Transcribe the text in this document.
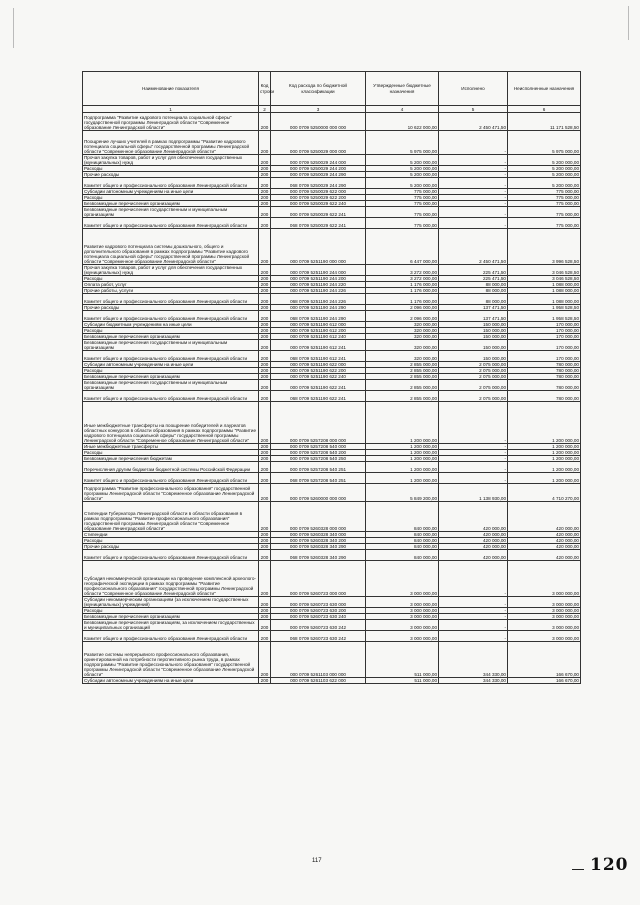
Наименование показателя	Код строки	Код расхода по бюджетной классификации	Утвержденные бюджетные назначения	Исполнено	Неисполненные назначения
1	2	3	4	5	6
Подпрограмма "Развитие кадрового потенциала социальной сферы" государственной программы Ленинградской области "Современное образование Ленинградской области"	200	000 0709 5250000 000 000	10 622 000,00	2 450 471,50	11 171 528,50
Поощрение лучших учителей в рамках подпрограммы "Развитие кадрового потенциала социальной сферы" государственной программы Ленинградской области "Современное образование Ленинградской области"	200	000 0709 5250029 000 000	5 975 000,00	-	5 975 000,00
Прочая закупка товаров, работ и услуг для обеспечения государственных (муниципальных) нужд	200	000 0709 5250029 244 000	5 200 000,00	-	5 200 000,00
Расходы	200	000 0709 5250029 244 200	5 200 000,00	-	5 200 000,00
Прочие расходы	200	000 0709 5250029 244 290	5 200 000,00	-	5 200 000,00
Комитет общего и профессионального образования Ленинградской области	200	068 0709 5250029 244 290	5 200 000,00	-	5 200 000,00
Субсидии автономным учреждениям на иные цели	200	000 0709 5250029 622 000	775 000,00	-	775 000,00
Расходы	200	000 0709 5250029 622 200	775 000,00	-	775 000,00
Безвозмездные перечисления организациям	200	000 0709 5250029 622 240	775 000,00	-	775 000,00
Безвозмездные перечисления государственным и муниципальным организациям	200	000 0709 5250029 622 241	775 000,00	-	775 000,00
Комитет общего и профессионального образования Ленинградской области	200	068 0709 5250029 622 241	775 000,00	-	775 000,00
Развитие кадрового потенциала системы дошкольного, общего и дополнительного образования в рамках подпрограммы "Развитие кадрового потенциала социальной сферы" государственной программы Ленинградской области "Современное образование Ленинградской области"	200	000 0709 5251190 000 000	6 447 000,00	2 450 471,50	3 996 528,50
Прочая закупка товаров, работ и услуг для обеспечения государственных (муниципальных) нужд	200	000 0709 5251190 244 000	3 272 000,00	225 471,50	3 046 528,50
Расходы	200	000 0709 5251190 244 200	3 272 000,00	225 471,50	3 046 528,50
Оплата работ, услуг	200	000 0709 5251190 244 220	1 176 000,00	88 000,00	1 088 000,00
Прочие работы, услуги	200	000 0709 5251190 244 226	1 176 000,00	88 000,00	1 088 000,00
Комитет общего и профессионального образования Ленинградской области	200	068 0709 5251190 244 226	1 176 000,00	88 000,00	1 088 000,00
Прочие расходы	200	000 0709 5251190 244 290	2 096 000,00	137 471,50	1 958 528,50
Комитет общего и профессионального образования Ленинградской области	200	068 0709 5251190 244 290	2 096 000,00	137 471,50	1 958 528,50
Субсидии бюджетным учреждениям на иные цели	200	000 0709 5251190 612 000	320 000,00	150 000,00	170 000,00
Расходы	200	000 0709 5251190 612 200	320 000,00	150 000,00	170 000,00
Безвозмездные перечисления организациям	200	000 0709 5251190 612 240	320 000,00	150 000,00	170 000,00
Безвозмездные перечисления государственным и муниципальным организациям	200	000 0709 5251190 612 241	320 000,00	150 000,00	170 000,00
Комитет общего и профессионального образования Ленинградской области	200	068 0709 5251190 612 241	320 000,00	150 000,00	170 000,00
Субсидии автономным учреждениям на иные цели	200	000 0709 5251190 622 000	2 855 000,00	2 075 000,00	780 000,00
Расходы	200	000 0709 5251190 622 200	2 855 000,00	2 075 000,00	780 000,00
Безвозмездные перечисления организациям	200	000 0709 5251190 622 240	2 855 000,00	2 075 000,00	780 000,00
Безвозмездные перечисления государственным и муниципальным организациям	200	000 0709 5251190 622 241	2 855 000,00	2 075 000,00	780 000,00
Комитет общего и профессионального образования Ленинградской области	200	068 0709 5251190 622 241	2 855 000,00	2 075 000,00	780 000,00
Иные межбюджетные трансферты на поощрение победителей и лауреатов областных конкурсов в области образования в рамках подпрограммы "Развитие кадрового потенциала социальной сферы" государственной программы Ленинградской области "Современное образование Ленинградской области"	200	000 0709 5257208 000 000	1 200 000,00	-	1 200 000,00
Иные межбюджетные трансферты	200	000 0709 5257208 540 000	1 200 000,00	-	1 200 000,00
Расходы	200	000 0709 5257208 540 200	1 200 000,00	-	1 200 000,00
Безвозмездные перечисления бюджетам	200	000 0709 5257208 540 250	1 200 000,00	-	1 200 000,00
Перечисления другим бюджетам бюджетной системы Российской Федерации	200	000 0709 5257208 540 251	1 200 000,00	-	1 200 000,00
Комитет общего и профессионального образования Ленинградской области	200	068 0709 5257208 540 251	1 200 000,00	-	1 200 000,00
Подпрограмма "Развитие профессионального образования" государственной программы Ленинградской области "Современное образование Ленинградской области"	200	000 0709 5260000 000 000	5 849 200,00	1 138 930,00	4 710 270,00
Стипендии Губернатора Ленинградской области в области образования в рамках подпрограммы "Развитие профессионального образования" государственной программы Ленинградской области "Современное образование Ленинградской области"	200	000 0709 5260328 000 000	840 000,00	420 000,00	420 000,00
Стипендии	200	000 0709 5260328 340 000	840 000,00	420 000,00	420 000,00
Расходы	200	000 0709 5260328 340 200	840 000,00	420 000,00	420 000,00
Прочие расходы	200	000 0709 5260328 340 290	840 000,00	420 000,00	420 000,00
Комитет общего и профессионального образования Ленинградской области	200	068 0709 5260328 340 290	840 000,00	420 000,00	420 000,00
Субсидия некоммерческой организации на проведение комплексной археолого-географической экспедиции в рамках подпрограммы "Развитие профессионального образования" государственной программы Ленинградской области "Современное образование Ленинградской области"	200	000 0709 5260723 000 000	3 000 000,00	-	3 000 000,00
Субсидии некоммерческим организациям (за исключением государственных (муниципальных) учреждений)	200	000 0709 5260723 630 000	3 000 000,00	-	3 000 000,00
Расходы	200	000 0709 5260723 630 200	3 000 000,00	-	3 000 000,00
Безвозмездные перечисления организациям	200	000 0709 5260723 630 240	3 000 000,00	-	3 000 000,00
Безвозмездные перечисления организациям, за исключением государственных и муниципальных организаций	200	000 0709 5260723 630 242	3 000 000,00	-	3 000 000,00
Комитет общего и профессионального образования Ленинградской области	200	068 0709 5260723 630 242	3 000 000,00	-	3 000 000,00
Развитие системы непрерывного профессионального образования, ориентированной на потребности перспективного рынка труда, в рамках подпрограммы "Развитие профессионального образования" государственной программы Ленинградской области "Современное образование Ленинградской области"	200	000 0709 5261103 000 000	511 000,00	344 330,00	166 670,00
Субсидии автономным учреждениям на иные цели	200	000 0709 5261103 622 000	511 000,00	344 330,00	166 670,00
117	120
